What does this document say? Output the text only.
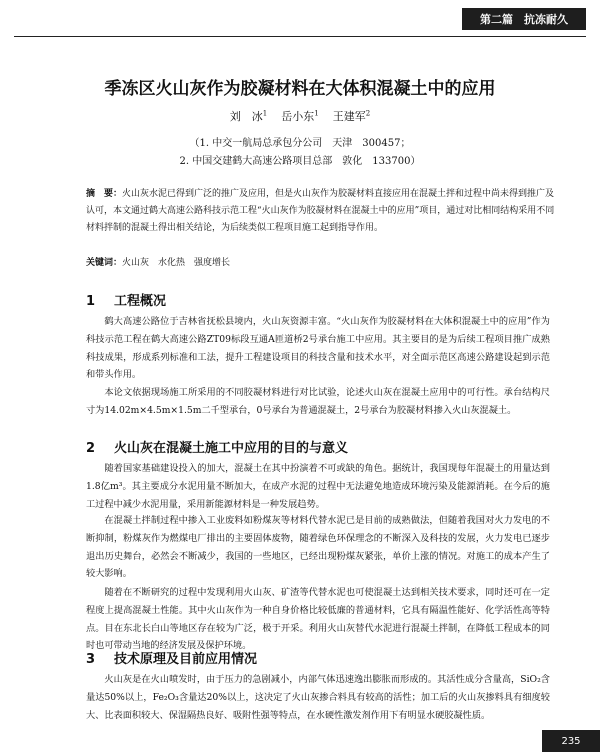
第二篇　抗冻耐久
季冻区火山灰作为胶凝材料在大体积混凝土中的应用
刘　冰$^1$ 岳小东$^1$ 王建军$^2$
（1. 中交一航局总承包分公司　天津　300457；
2. 中国交建鹤大高速公路项目总部　敦化　133700）
摘　要：火山灰水泥已得到广泛的推广及应用，但是火山灰作为胶凝材料直接应用在混凝土拌和过程中尚未得到推广及认可，本文通过鹤大高速公路科技示范工程“火山灰作为胶凝材料在混凝土中的应用”项目，通过对比相同结构采用不同材料拌制的混凝土得出相关结论，为后续类似工程项目施工起到指导作用。
关键词：火山灰　水化热　强度增长
1 工程概况
鹤大高速公路位于吉林省抚松县境内，火山灰资源丰富。“火山灰作为胶凝材料在大体积混凝土中的应用”作为科技示范工程在鹤大高速公路ZT09标段互通A匝道桥2号承台施工中应用。其主要目的是为后续工程项目推广成熟科技成果，形成系列标准和工法，提升工程建设项目的科技含量和技术水平，对全面示范区高速公路建设起到示范和带头作用。
本论文依据现场施工所采用的不同胶凝材料进行对比试验，论述火山灰在混凝土应用中的可行性。承台结构尺寸为14.02m×4.5m×1.5m二千型承台，0号承台为普通混凝土，2号承台为胶凝材料掺入火山灰混凝土。
2 火山灰在混凝土施工中应用的目的与意义
随着国家基础建设投入的加大，混凝土在其中扮演着不可或缺的角色。据统计，我国现每年混凝土的用量达到1.8亿m³。其主要成分水泥用量不断加大，在成产水泥的过程中无法避免地造成环境污染及能源消耗。在今后的施工过程中减少水泥用量，采用新能源材料是一种发展趋势。
在混凝土拌制过程中掺入工业废料如粉煤灰等材料代替水泥已是目前的成熟做法，但随着我国对火力发电的不断抑制，粉煤灰作为燃煤电厂排出的主要固体废物，随着绿色环保理念的不断深入及科技的发展，火力发电已逐步退出历史舞台，必然会不断减少，我国的一些地区，已经出现粉煤灰紧张，单价上涨的情况。对施工的成本产生了较大影响。
随着在不断研究的过程中发现利用火山灰、矿渣等代替水泥也可使混凝土达到相关技术要求，同时还可在一定程度上提高混凝土性能。其中火山灰作为一种自身价格比较低廉的普通材料，它具有隔温性能好、化学活性高等特点。目在东北长白山等地区存在较为广泛，极于开采。利用火山灰替代水泥进行混凝土拌制，在降低工程成本的同时也可带动当地的经济发展及保护环境。
3 技术原理及目前应用情况
火山灰是在火山喷发时，由于压力的急剧减小，内部气体迅速逸出膨胀而形成的。其活性成分含量高，SiO₂含量达50%以上，Fe₂O₃含量达20%以上，这决定了火山灰掺合料具有较高的活性；加工后的火山灰掺料具有细度较大、比表面积较大、保湿隔热良好、吸附性强等特点，在水硬性激发剂作用下有明显水硬胶凝性质。
235
